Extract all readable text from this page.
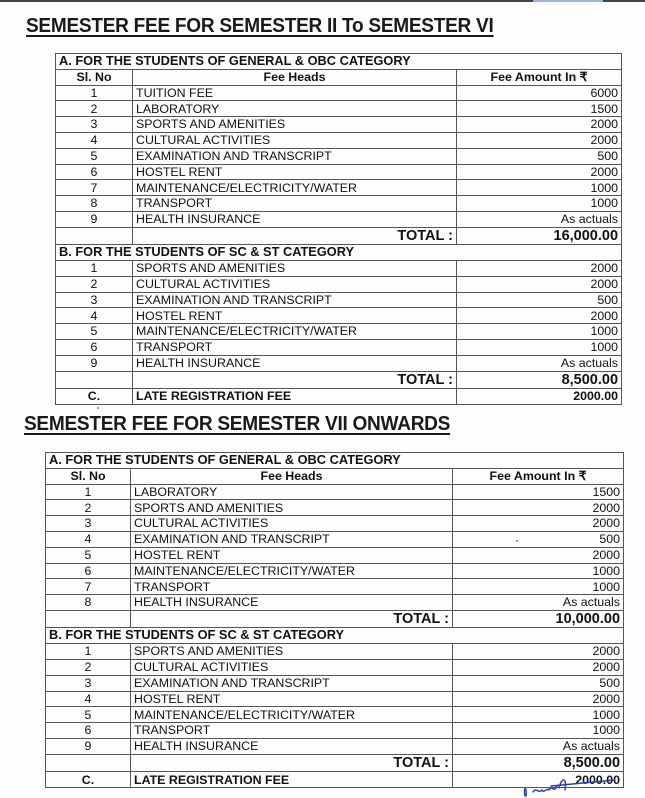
SEMESTER FEE FOR SEMESTER II To SEMESTER VI
A. FOR THE STUDENTS OF GENERAL & OBC CATEGORY		
Sl. No	Fee Heads	Fee Amount In ₹
1	TUITION FEE	6000
2	LABORATORY	1500
3	SPORTS AND AMENITIES	2000
4	CULTURAL ACTIVITIES	2000
5	EXAMINATION AND TRANSCRIPT	500
6	HOSTEL RENT	2000
7	MAINTENANCE/ELECTRICITY/WATER	1000
8	TRANSPORT	1000
9	HEALTH INSURANCE	As actuals
	TOTAL :	16,000.00
B. FOR THE STUDENTS OF SC & ST CATEGORY		
1	SPORTS AND AMENITIES	2000
2	CULTURAL ACTIVITIES	2000
3	EXAMINATION AND TRANSCRIPT	500
4	HOSTEL RENT	2000
5	MAINTENANCE/ELECTRICITY/WATER	1000
6	TRANSPORT	1000
9	HEALTH INSURANCE	As actuals
	TOTAL :	8,500.00
C.	LATE REGISTRATION FEE	2000.00
SEMESTER FEE FOR SEMESTER VII ONWARDS
A. FOR THE STUDENTS OF GENERAL & OBC CATEGORY		
Sl. No	Fee Heads	Fee Amount In ₹
1	LABORATORY	1500
2	SPORTS AND AMENITIES	2000
3	CULTURAL ACTIVITIES	2000
4	EXAMINATION AND TRANSCRIPT	500
5	HOSTEL RENT	2000
6	MAINTENANCE/ELECTRICITY/WATER	1000
7	TRANSPORT	1000
8	HEALTH INSURANCE	As actuals
	TOTAL :	10,000.00
B. FOR THE STUDENTS OF SC & ST CATEGORY		
1	SPORTS AND AMENITIES	2000
2	CULTURAL ACTIVITIES	2000
3	EXAMINATION AND TRANSCRIPT	500
4	HOSTEL RENT	2000
5	MAINTENANCE/ELECTRICITY/WATER	1000
6	TRANSPORT	1000
9	HEALTH INSURANCE	As actuals
	TOTAL :	8,500.00
C.	LATE REGISTRATION FEE	2000.00
